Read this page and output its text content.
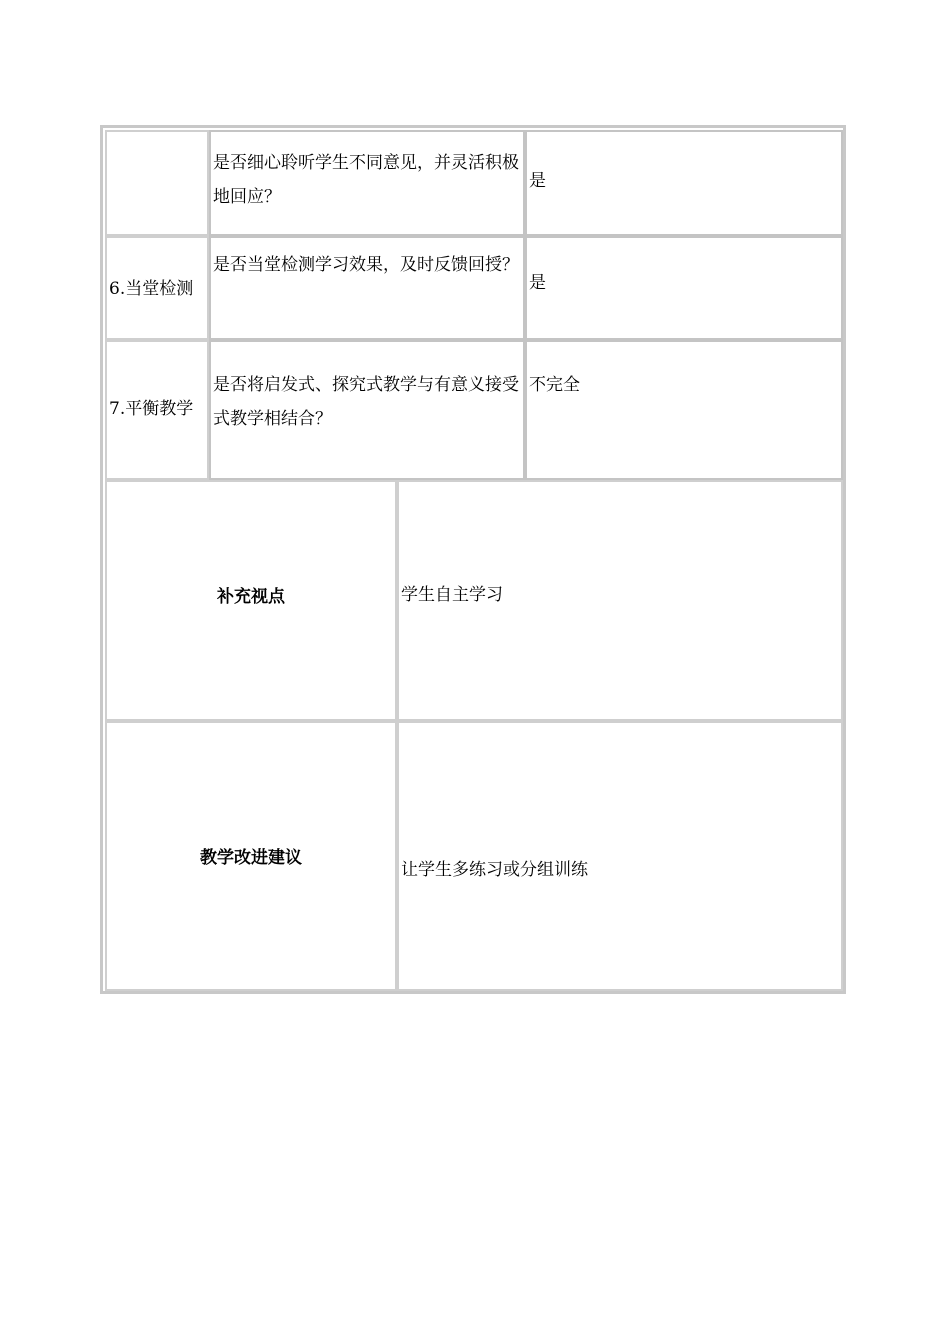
是否细心聆听学生不同意见，并灵活积极地回应？
是
6.当堂检测
是否当堂检测学习效果，及时反馈回授？
是
7.平衡教学
是否将启发式、探究式教学与有意义接受式教学相结合？
不完全
补充视点	学生自主学习
教学改进建议
让学生多练习或分组训练
